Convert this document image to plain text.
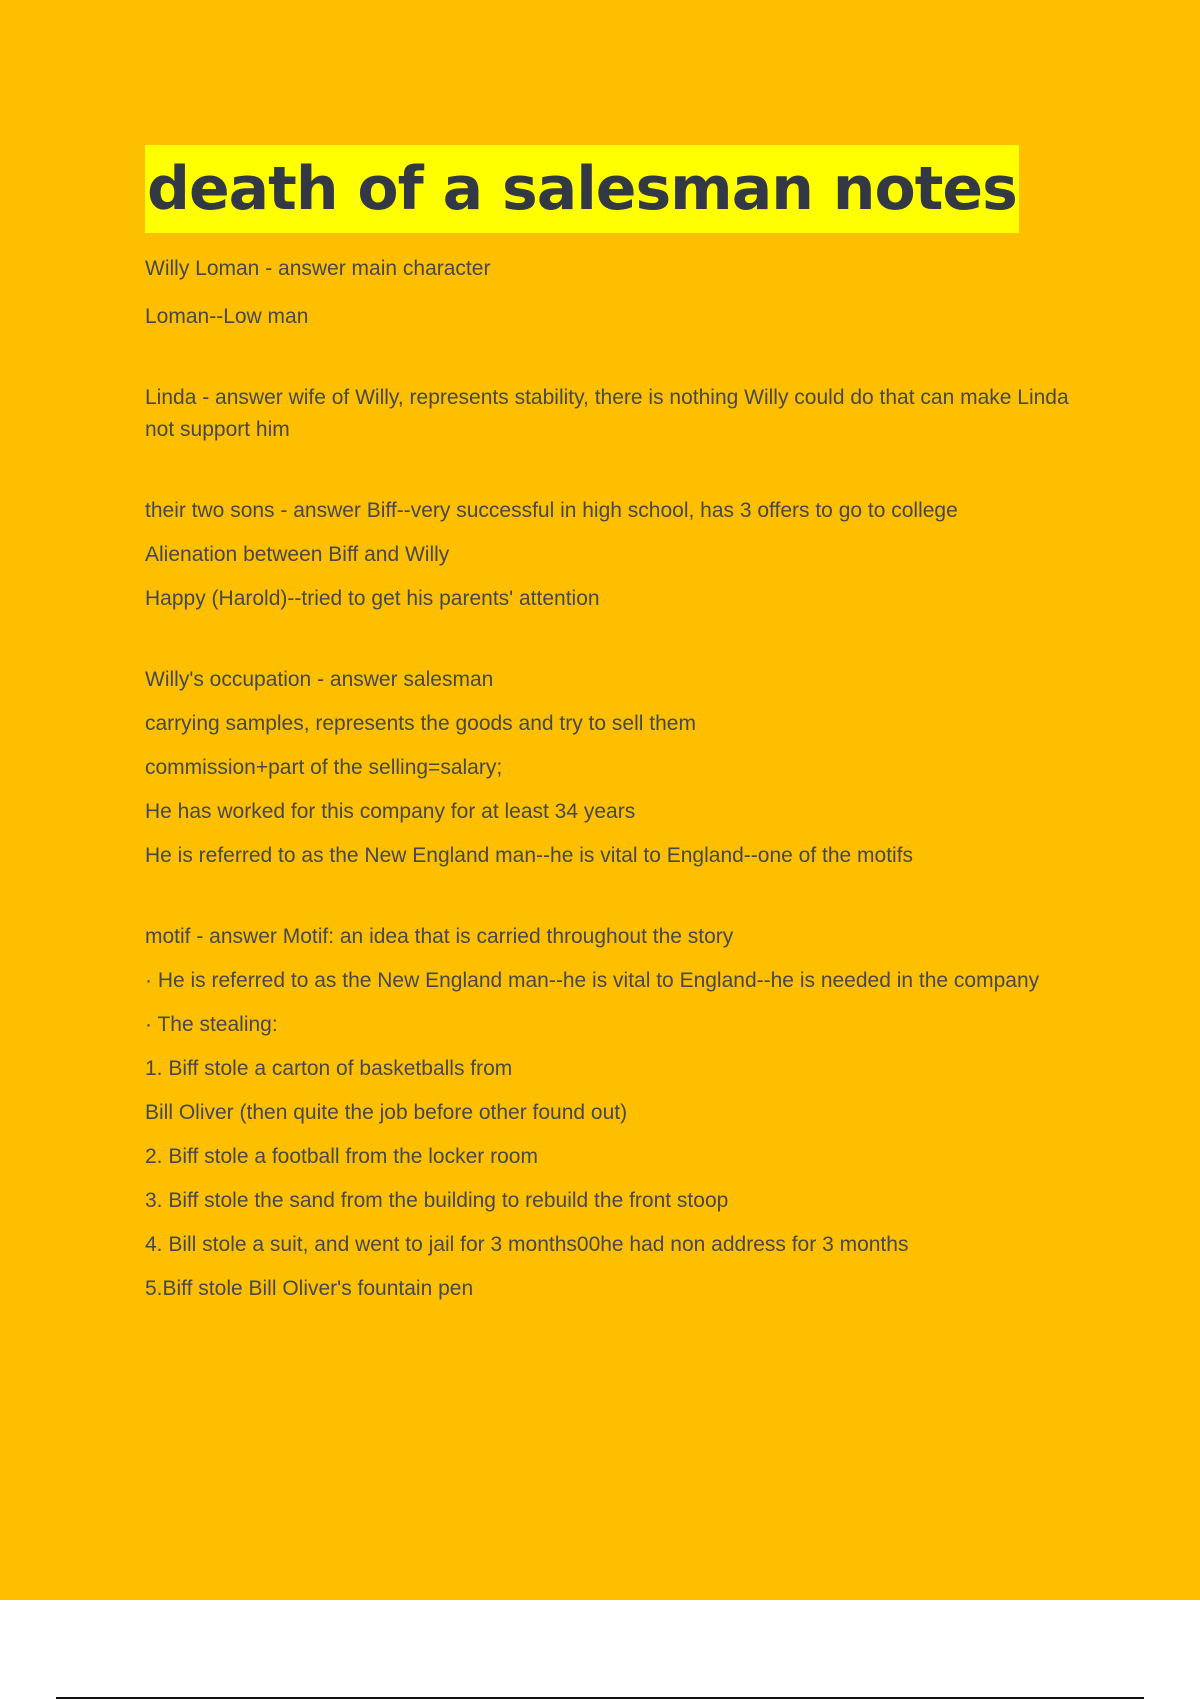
death of a salesman notes

Willy Loman - answer main character

Loman--Low man

Linda - answer wife of Willy, represents stability, there is nothing Willy could do that can make Linda not support him

their two sons - answer Biff--very successful in high school, has 3 offers to go to college

Alienation between Biff and Willy

Happy (Harold)--tried to get his parents' attention

Willy's occupation - answer salesman

carrying samples, represents the goods and try to sell them

commission+part of the selling=salary;

He has worked for this company for at least 34 years

He is referred to as the New England man--he is vital to England--one of the motifs

motif - answer Motif: an idea that is carried throughout the story

· He is referred to as the New England man--he is vital to England--he is needed in the company

· The stealing:

1. Biff stole a carton of basketballs from

Bill Oliver (then quite the job before other found out)

2. Biff stole a football from the locker room

3. Biff stole the sand from the building to rebuild the front stoop

4. Bill stole a suit, and went to jail for 3 months00he had non address for 3 months

5.Biff stole Bill Oliver's fountain pen
